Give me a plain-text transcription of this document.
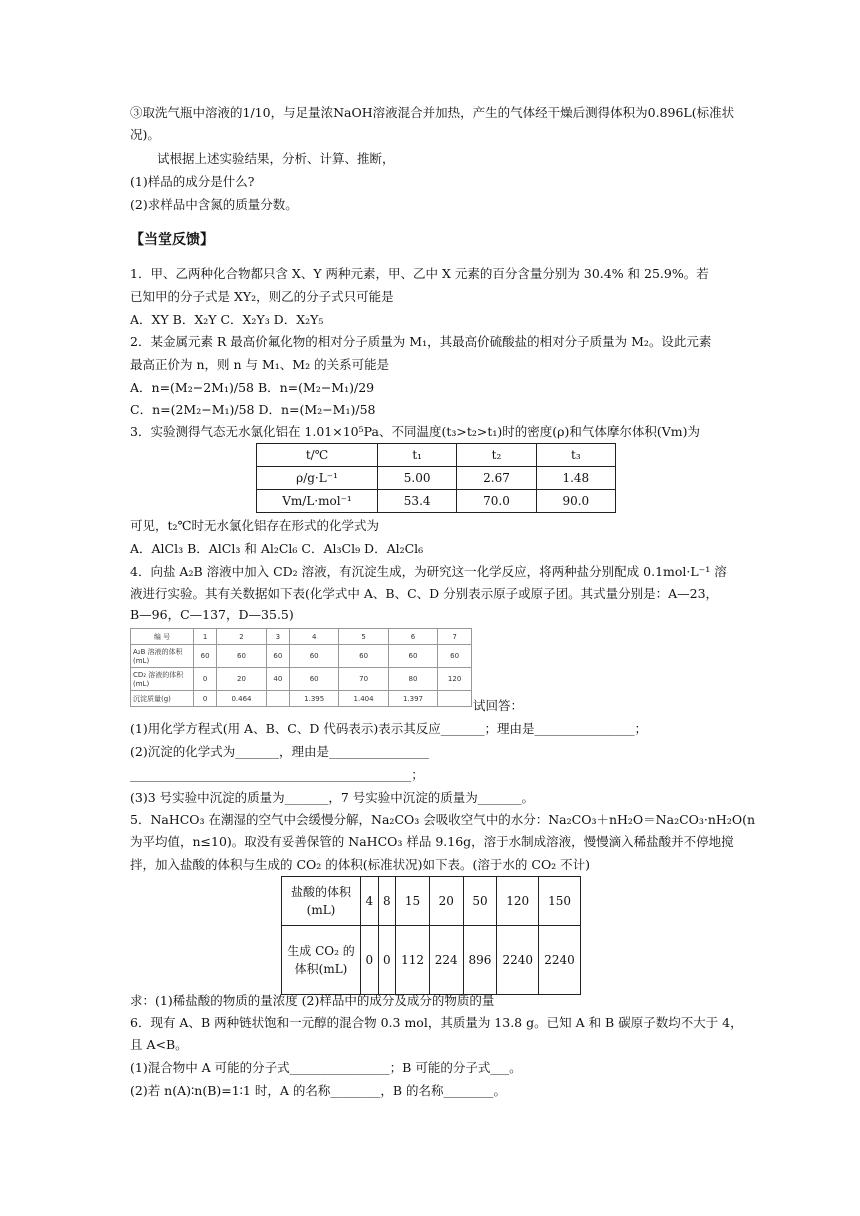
③取洗气瓶中溶液的1/10，与足量浓NaOH溶液混合并加热，产生的气体经干燥后测得体积为0.896L(标准状
况)。
试根据上述实验结果，分析、计算、推断，
(1)样品的成分是什么?
(2)求样品中含氮的质量分数。
【当堂反馈】
1．甲、乙两种化合物都只含 X、Y 两种元素，甲、乙中 X 元素的百分含量分别为 30.4% 和 25.9%。若
已知甲的分子式是 XY₂，则乙的分子式只可能是
A．XY B．X₂Y C．X₂Y₃ D．X₂Y₅
2．某金属元素 R 最高价氟化物的相对分子质量为 M₁，其最高价硫酸盐的相对分子质量为 M₂。设此元素
最高正价为 n，则 n 与 M₁、M₂ 的关系可能是
A．n=(M₂−2M₁)/58 B．n=(M₂−M₁)/29
C．n=(2M₂−M₁)/58 D．n=(M₂−M₁)/58
3．实验测得气态无水氯化铝在 1.01×10⁵Pa、不同温度(t₃>t₂>t₁)时的密度(ρ)和气体摩尔体积(Vm)为
t/℃	t₁	t₂	t₃
ρ/g·L⁻¹	5.00	2.67	1.48
Vm/L·mol⁻¹	53.4	70.0	90.0
可见，t₂℃时无水氯化铝存在形式的化学式为
A．AlCl₃ B．AlCl₃ 和 Al₂Cl₆ C．Al₃Cl₉ D．Al₂Cl₆
4．向盐 A₂B 溶液中加入 CD₂ 溶液，有沉淀生成，为研究这一化学反应，将两种盐分别配成 0.1mol·L⁻¹ 溶
液进行实验。其有关数据如下表(化学式中 A、B、C、D 分别表示原子或原子团。其式量分别是：A—23，
B—96，C—137，D—35.5)
编 号	1	2	3	4	5	6	7
A₂B 溶液的体积(mL)	60	60	60	60	60	60	60
CD₂ 溶液的体积(mL)	0	20	40	60	70	80	120
沉淀质量(g)	0	0.464		1.395	1.404	1.397		试回答：
(1)用化学方程式(用 A、B、C、D 代码表示)表示其反应_______；理由是________________；
(2)沉淀的化学式为_______，理由是________________
_____________________________________________；
(3)3 号实验中沉淀的质量为_______，7 号实验中沉淀的质量为_______。
5．NaHCO₃ 在潮湿的空气中会缓慢分解，Na₂CO₃ 会吸收空气中的水分：Na₂CO₃＋nH₂O＝Na₂CO₃·nH₂O(n
为平均值，n≤10)。取没有妥善保管的 NaHCO₃ 样品 9.16g，溶于水制成溶液，慢慢滴入稀盐酸并不停地搅
拌，加入盐酸的体积与生成的 CO₂ 的体积(标准状况)如下表。(溶于水的 CO₂ 不计)
盐酸的体积(mL)	4	8	15	20	50	120	150
生成 CO₂ 的体积(mL)	0	0	112	224	896	2240	2240
求：(1)稀盐酸的物质的量浓度 (2)样品中的成分及成分的物质的量
6．现有 A、B 两种链状饱和一元醇的混合物 0.3 mol，其质量为 13.8 g。已知 A 和 B 碳原子数均不大于 4，
且 A<B。
(1)混合物中 A 可能的分子式________________；B 可能的分子式___。
(2)若 n(A)∶n(B)=1∶1 时，A 的名称________，B 的名称________。
